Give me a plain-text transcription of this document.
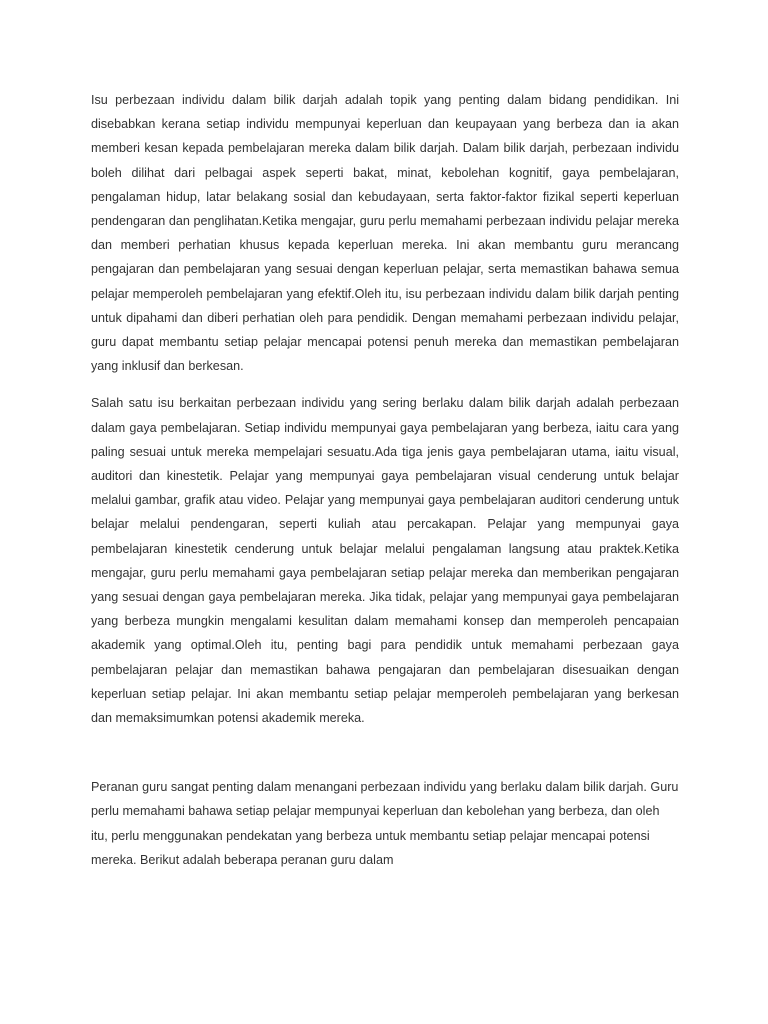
Isu perbezaan individu dalam bilik darjah adalah topik yang penting dalam bidang pendidikan. Ini disebabkan kerana setiap individu mempunyai keperluan dan keupayaan yang berbeza dan ia akan memberi kesan kepada pembelajaran mereka dalam bilik darjah. Dalam bilik darjah, perbezaan individu boleh dilihat dari pelbagai aspek seperti bakat, minat, kebolehan kognitif, gaya pembelajaran, pengalaman hidup, latar belakang sosial dan kebudayaan, serta faktor-faktor fizikal seperti keperluan pendengaran dan penglihatan.Ketika mengajar, guru perlu memahami perbezaan individu pelajar mereka dan memberi perhatian khusus kepada keperluan mereka. Ini akan membantu guru merancang pengajaran dan pembelajaran yang sesuai dengan keperluan pelajar, serta memastikan bahawa semua pelajar memperoleh pembelajaran yang efektif.Oleh itu, isu perbezaan individu dalam bilik darjah penting untuk dipahami dan diberi perhatian oleh para pendidik. Dengan memahami perbezaan individu pelajar, guru dapat membantu setiap pelajar mencapai potensi penuh mereka dan memastikan pembelajaran yang inklusif dan berkesan.

Salah satu isu berkaitan perbezaan individu yang sering berlaku dalam bilik darjah adalah perbezaan dalam gaya pembelajaran. Setiap individu mempunyai gaya pembelajaran yang berbeza, iaitu cara yang paling sesuai untuk mereka mempelajari sesuatu.Ada tiga jenis gaya pembelajaran utama, iaitu visual, auditori dan kinestetik. Pelajar yang mempunyai gaya pembelajaran visual cenderung untuk belajar melalui gambar, grafik atau video. Pelajar yang mempunyai gaya pembelajaran auditori cenderung untuk belajar melalui pendengaran, seperti kuliah atau percakapan. Pelajar yang mempunyai gaya pembelajaran kinestetik cenderung untuk belajar melalui pengalaman langsung atau praktek.Ketika mengajar, guru perlu memahami gaya pembelajaran setiap pelajar mereka dan memberikan pengajaran yang sesuai dengan gaya pembelajaran mereka. Jika tidak, pelajar yang mempunyai gaya pembelajaran yang berbeza mungkin mengalami kesulitan dalam memahami konsep dan memperoleh pencapaian akademik yang optimal.Oleh itu, penting bagi para pendidik untuk memahami perbezaan gaya pembelajaran pelajar dan memastikan bahawa pengajaran dan pembelajaran disesuaikan dengan keperluan setiap pelajar. Ini akan membantu setiap pelajar memperoleh pembelajaran yang berkesan dan memaksimumkan potensi akademik mereka.

Peranan guru sangat penting dalam menangani perbezaan individu yang berlaku dalam bilik darjah. Guru perlu memahami bahawa setiap pelajar mempunyai keperluan dan kebolehan yang berbeza, dan oleh itu, perlu menggunakan pendekatan yang berbeza untuk membantu setiap pelajar mencapai potensi mereka. Berikut adalah beberapa peranan guru dalam
